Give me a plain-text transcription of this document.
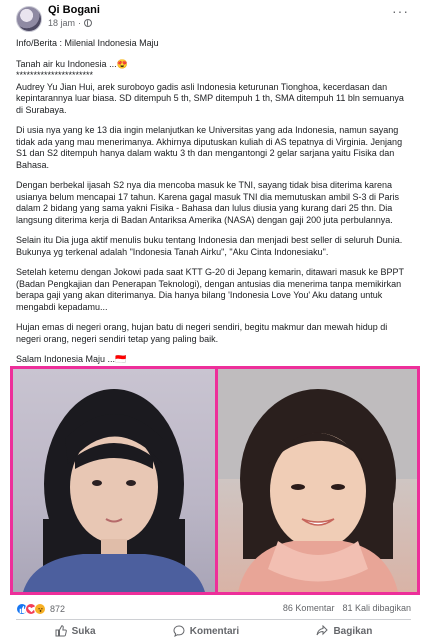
Qi Bogani
18 jam ·
···

Info/Berita : Milenial Indonesia Maju

Tanah air ku Indonesia ...😍

**********************

Audrey Yu Jian Hui, arek suroboyo gadis asli Indonesia keturunan Tionghoa, kecerdasan dan kepintarannya luar biasa. SD ditempuh 5 th, SMP ditempuh 1 th, SMA ditempuh 11 bln semuanya di Surabaya.

Di usia nya yang ke 13 dia ingin melanjutkan ke Universitas yang ada Indonesia, namun sayang tidak ada yang mau menerimanya. Akhirnya diputuskan kuliah di AS tepatnya di Virginia. Jenjang S1 dan S2 ditempuh hanya dalam waktu 3 th dan mengantongi 2 gelar sarjana yaitu Fisika dan Bahasa.

Dengan berbekal ijasah S2 nya dia mencoba masuk ke TNI, sayang tidak bisa diterima karena usianya belum mencapai 17 tahun. Karena gagal masuk TNI dia memutuskan ambil S-3 di Paris dalam 2 bidang yang sama yakni Fisika - Bahasa dan lulus diusia yang kurang dari 25 thn. Dia langsung diterima kerja di Badan Antariksa Amerika (NASA) dengan gaji 200 juta perbulannya.

Selain itu Dia juga aktif menulis buku tentang Indonesia dan menjadi best seller di seluruh Dunia. Bukunya yg terkenal adalah "Indonesia Tanah Airku", "Aku Cinta Indonesiaku".

Setelah ketemu dengan Jokowi pada saat KTT G-20 di Jepang kemarin, ditawari masuk ke BPPT (Badan Pengkajian dan Penerapan Teknologi), dengan antusias dia menerima tanpa memikirkan berapa gaji yang akan diterimanya. Dia hanya bilang 'Indonesia Love You' Aku datang untuk mengabdi kepadamu...

Hujan emas di negeri orang, hujan batu di negeri sendiri, begitu makmur dan mewah hidup di negeri orang, negeri sendiri tetap yang paling baik.

Salam Indonesia Maju ...🇮🇩

872	86 Komentar 81 Kali dibagikan
Suka	Komentari	Bagikan
